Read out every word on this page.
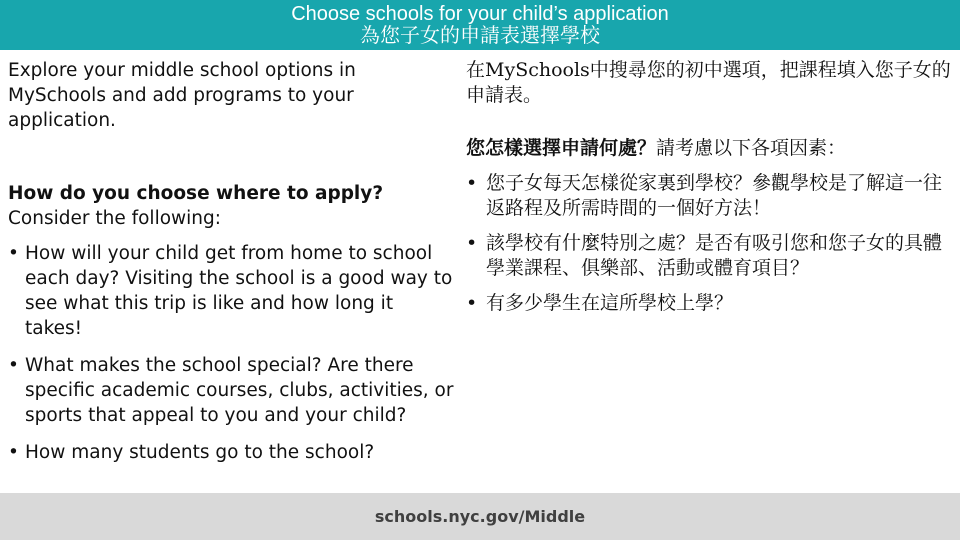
Choose schools for your child’s application
為您子女的申請表選擇學校

Explore your middle school options in MySchools and add programs to your application.

How do you choose where to apply?

Consider the following:

• How will your child get from home to school each day? Visiting the school is a good way to see what this trip is like and how long it takes!
• What makes the school special? Are there specific academic courses, clubs, activities, or sports that appeal to you and your child?
• How many students go to the school?

在MySchools中搜尋您的初中選項，把課程填入您子女的申請表。

您怎樣選擇申請何處？請考慮以下各項因素：

• 您子女每天怎樣從家裏到學校？參觀學校是了解這一往返路程及所需時間的一個好方法！
• 該學校有什麼特別之處？是否有吸引您和您子女的具體學業課程、俱樂部、活動或體育項目？
• 有多少學生在這所學校上學？
schools.nyc.gov/Middle
